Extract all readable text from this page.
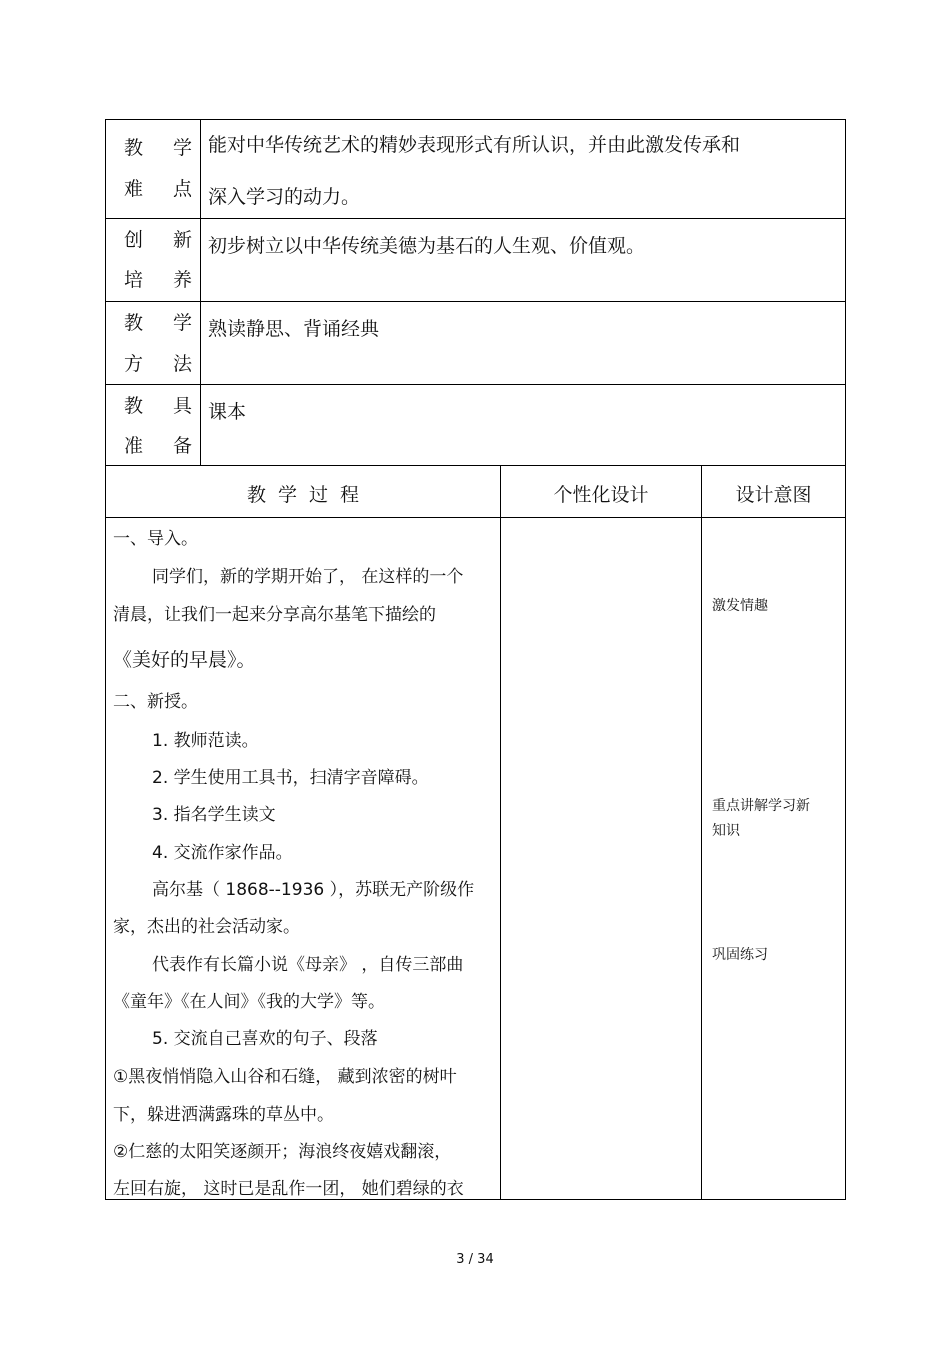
教 学
难 点
能对中华传统艺术的精妙表现形式有所认识，并由此激发传承和
深入学习的动力。
创 新
培 养
初步树立以中华传统美德为基石的人生观、价值观。
教 学
方 法
熟读静思、背诵经典
教 具
准 备
课本
教 学 过 程	个性化设计	设计意图
一、导入。
同学们，新的学期开始了， 在这样的一个
清晨，让我们一起来分享高尔基笔下描绘的
《美好的早晨》。
二、新授。
1. 教师范读。
2. 学生使用工具书，扫清字音障碍。
3. 指名学生读文
4. 交流作家作品。
高尔基（ 1868--1936 ），苏联无产阶级作
家，杰出的社会活动家。
代表作有长篇小说《母亲》 ，自传三部曲
《童年》《在人间》《我的大学》等。
5. 交流自己喜欢的句子、段落
①黑夜悄悄隐入山谷和石缝， 藏到浓密的树叶
下，躲进洒满露珠的草丛中。
②仁慈的太阳笑逐颜开；海浪终夜嬉戏翻滚，
左回右旋， 这时已是乱作一团， 她们碧绿的衣
激发情趣
重点讲解学习新
知识
巩固练习
3 / 34
